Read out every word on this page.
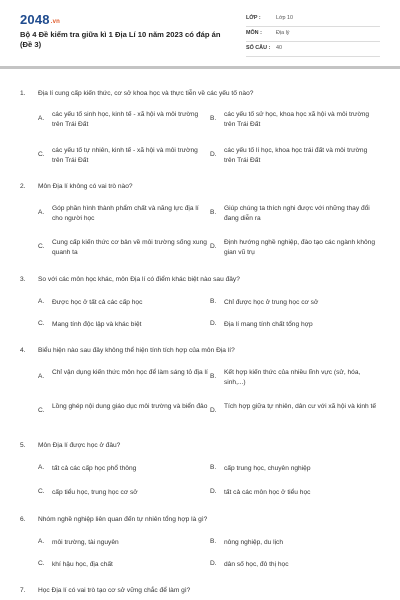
2048.vn
Bộ 4 Đề kiểm tra giữa kì 1 Địa Lí 10 năm 2023 có đáp án (Đề 3)
LỚP :	Lớp 10
MÔN :	Địa lý
SỐ CÂU : 40
1. Địa lí cung cấp kiến thức, cơ sở khoa học và thực tiễn về các yếu tố nào?
A.
các yếu tố sinh học, kinh tế - xã hội và môi trường trên Trái Đất
B.
các yếu tố sử học, khoa học xã hội và môi trường trên Trái Đất
C.
các yếu tố tự nhiên, kinh tế - xã hội và môi trường trên Trái Đất
D.
các yếu tố lí học, khoa học trái đất và môi trường trên Trái Đất
2. Môn Địa lí không có vai trò nào?
A.
Góp phần hình thành phẩm chất và năng lực địa lí cho người học
B.
Giúp chúng ta thích nghi được với những thay đổi đang diễn ra
C.
Cung cấp kiến thức cơ bản về môi trường sống xung quanh ta
D.
Định hướng nghề nghiệp, đào tạo các ngành không gian vũ trụ
3. So với các môn học khác, môn Địa lí có điểm khác biệt nào sau đây?
A. Được học ở tất cả các cấp học	B. Chỉ được học ở trung học cơ sở
C. Mang tính độc lập và khác biệt	D. Địa lí mang tính chất tổng hợp
4. Biểu hiện nào sau đây không thể hiện tính tích hợp của môn Địa lí?
A.
Chỉ vận dụng kiến thức môn học để làm sáng tỏ địa lí
B.
Kết hợp kiến thức của nhiều lĩnh vực (sử, hóa, sinh,...)
C.
Lồng ghép nội dung giáo dục môi trường và biển đảo
D.
Tích hợp giữa tự nhiên, dân cư với xã hội và kinh tế
5. Môn Địa lí được học ở đâu?
A. tất cả các cấp học phổ thông	B. cấp trung học, chuyên nghiệp
C. cấp tiểu học, trung học cơ sở	D. tất cả các môn học ở tiểu học
6. Nhóm nghề nghiệp liên quan đến tự nhiên tổng hợp là gì?
A. môi trường, tài nguyên	B. nông nghiệp, du lịch
C. khí hậu học, địa chất	D. dân số học, đô thị học
7. Học Địa lí có vai trò tạo cơ sở vững chắc để làm gì?
